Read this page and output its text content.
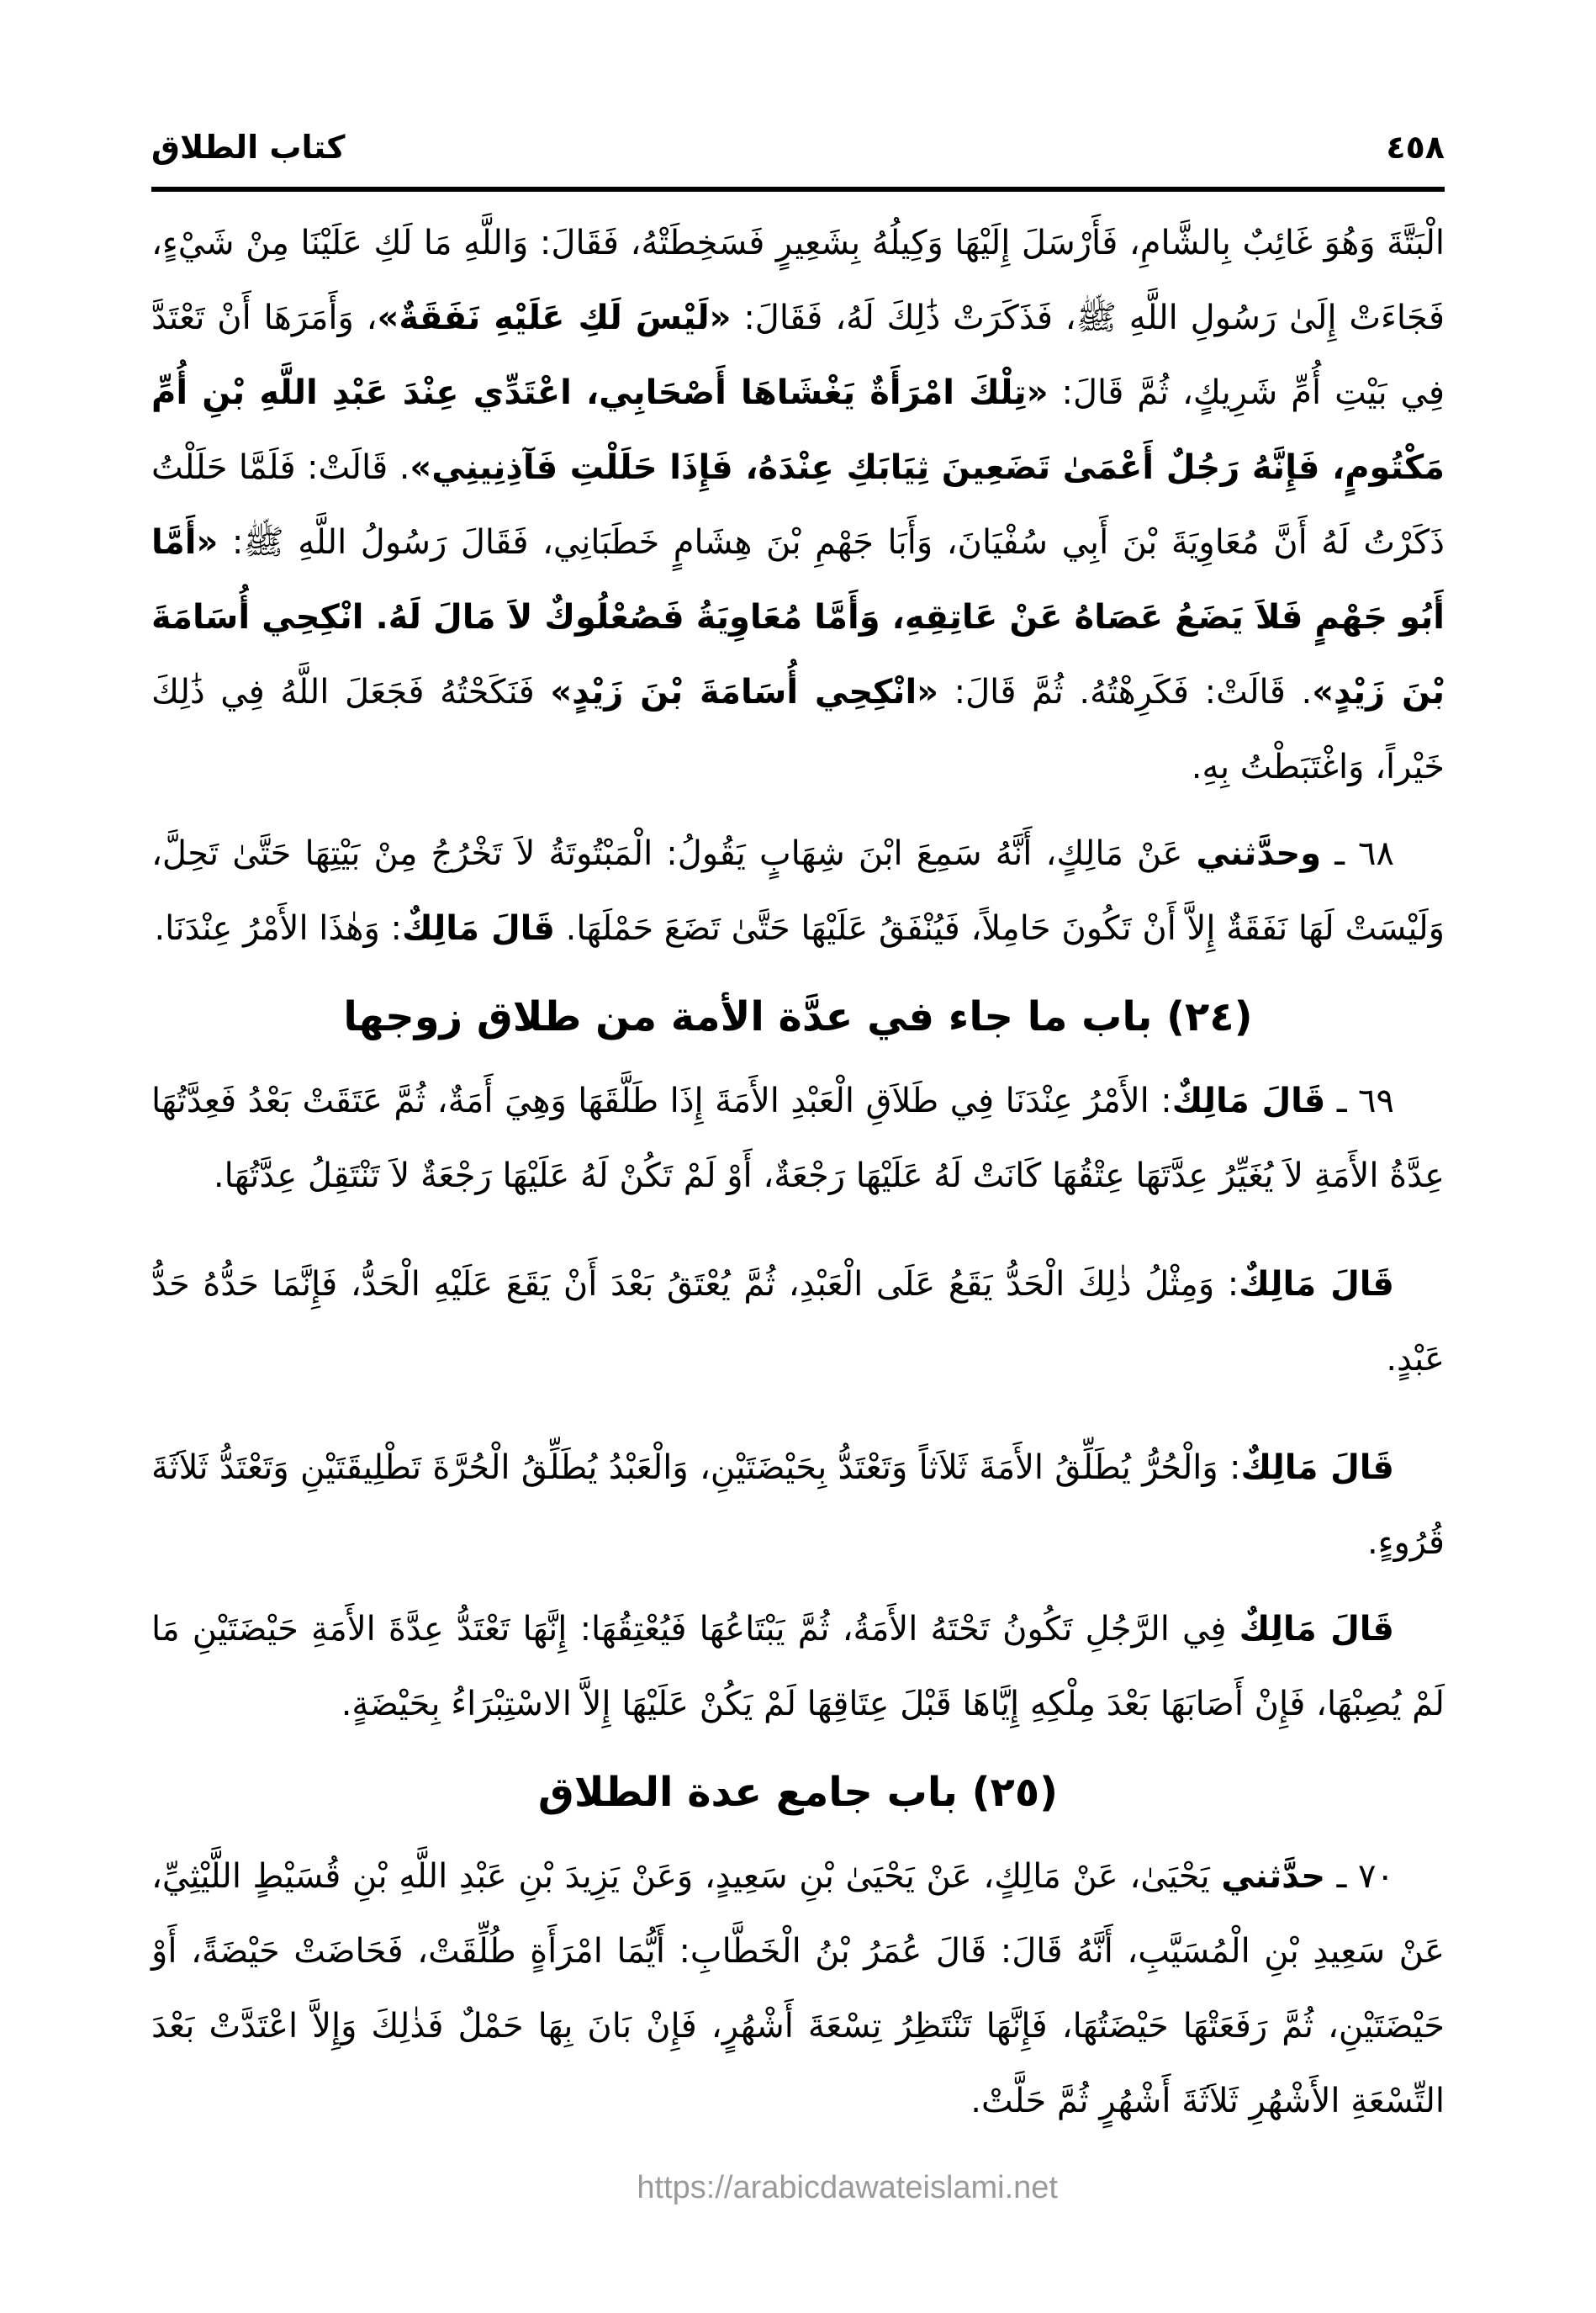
٤٥٨
كتاب الطلاق

الْبَتَّةَ وَهُوَ غَائِبٌ بِالشَّامِ، فَأَرْسَلَ إِلَيْهَا وَكِيلُهُ بِشَعِيرٍ فَسَخِطَتْهُ، فَقَالَ: وَاللَّهِ مَا لَكِ عَلَيْنَا مِنْ شَيْءٍ، فَجَاءَتْ إِلَىٰ رَسُولِ اللَّهِ ﷺ، فَذَكَرَتْ ذَٰلِكَ لَهُ، فَقَالَ: «لَيْسَ لَكِ عَلَيْهِ نَفَقَةٌ»، وَأَمَرَهَا أَنْ تَعْتَدَّ فِي بَيْتِ أُمِّ شَرِيكٍ، ثُمَّ قَالَ: «تِلْكَ امْرَأَةٌ يَغْشَاهَا أَصْحَابِي، اعْتَدِّي عِنْدَ عَبْدِ اللَّهِ بْنِ أُمِّ مَكْتُومٍ، فَإِنَّهُ رَجُلٌ أَعْمَىٰ تَضَعِينَ ثِيَابَكِ عِنْدَهُ، فَإِذَا حَلَلْتِ فَآذِنِينِي». قَالَتْ: فَلَمَّا حَلَلْتُ ذَكَرْتُ لَهُ أَنَّ مُعَاوِيَةَ بْنَ أَبِي سُفْيَانَ، وَأَبَا جَهْمِ بْنَ هِشَامٍ خَطَبَانِي، فَقَالَ رَسُولُ اللَّهِ ﷺ: «أَمَّا أَبُو جَهْمٍ فَلاَ يَضَعُ عَصَاهُ عَنْ عَاتِقِهِ، وَأَمَّا مُعَاوِيَةُ فَصُعْلُوكٌ لاَ مَالَ لَهُ. انْكِحِي أُسَامَةَ بْنَ زَيْدٍ». قَالَتْ: فَكَرِهْتُهُ. ثُمَّ قَالَ: «انْكِحِي أُسَامَةَ بْنَ زَيْدٍ» فَنَكَحْتُهُ فَجَعَلَ اللَّهُ فِي ذَٰلِكَ خَيْراً، وَاغْتَبَطْتُ بِهِ.

٦٨ ـ وحدَّثني عَنْ مَالِكٍ، أَنَّهُ سَمِعَ ابْنَ شِهَابٍ يَقُولُ: الْمَبْتُوتَةُ لاَ تَخْرُجُ مِنْ بَيْتِهَا حَتَّىٰ تَحِلَّ، وَلَيْسَتْ لَهَا نَفَقَةٌ إِلاَّ أَنْ تَكُونَ حَامِلاً، فَيُنْفَقُ عَلَيْهَا حَتَّىٰ تَضَعَ حَمْلَهَا. قَالَ مَالِكٌ: وَهٰذَا الأَمْرُ عِنْدَنَا.

(٢٤) باب ما جاء في عدَّة الأمة من طلاق زوجها

٦٩ ـ قَالَ مَالِكٌ: الأَمْرُ عِنْدَنَا فِي طَلاَقِ الْعَبْدِ الأَمَةَ إِذَا طَلَّقَهَا وَهِيَ أَمَةٌ، ثُمَّ عَتَقَتْ بَعْدُ فَعِدَّتُهَا عِدَّةُ الأَمَةِ لاَ يُغَيِّرُ عِدَّتَهَا عِتْقُهَا كَانَتْ لَهُ عَلَيْهَا رَجْعَةٌ، أَوْ لَمْ تَكُنْ لَهُ عَلَيْهَا رَجْعَةٌ لاَ تَنْتَقِلُ عِدَّتُهَا.

قَالَ مَالِكٌ: وَمِثْلُ ذٰلِكَ الْحَدُّ يَقَعُ عَلَى الْعَبْدِ، ثُمَّ يُعْتَقُ بَعْدَ أَنْ يَقَعَ عَلَيْهِ الْحَدُّ، فَإِنَّمَا حَدُّهُ حَدُّ عَبْدٍ.

قَالَ مَالِكٌ: وَالْحُرُّ يُطَلِّقُ الأَمَةَ ثَلاَثاً وَتَعْتَدُّ بِحَيْضَتَيْنِ، وَالْعَبْدُ يُطَلِّقُ الْحُرَّةَ تَطْلِيقَتَيْنِ وَتَعْتَدُّ ثَلاَثَةَ قُرُوءٍ.

قَالَ مَالِكٌ فِي الرَّجُلِ تَكُونُ تَحْتَهُ الأَمَةُ، ثُمَّ يَبْتَاعُهَا فَيُعْتِقُهَا: إِنَّهَا تَعْتَدُّ عِدَّةَ الأَمَةِ حَيْضَتَيْنِ مَا لَمْ يُصِبْهَا، فَإِنْ أَصَابَهَا بَعْدَ مِلْكِهِ إِيَّاهَا قَبْلَ عِتَاقِهَا لَمْ يَكُنْ عَلَيْهَا إِلاَّ الاسْتِبْرَاءُ بِحَيْضَةٍ.

(٢٥) باب جامع عدة الطلاق

٧٠ ـ حدَّثني يَحْيَىٰ، عَنْ مَالِكٍ، عَنْ يَحْيَىٰ بْنِ سَعِيدٍ، وَعَنْ يَزِيدَ بْنِ عَبْدِ اللَّهِ بْنِ قُسَيْطٍ اللَّيْثِيِّ، عَنْ سَعِيدِ بْنِ الْمُسَيَّبِ، أَنَّهُ قَالَ: قَالَ عُمَرُ بْنُ الْخَطَّابِ: أَيُّمَا امْرَأَةٍ طُلِّقَتْ، فَحَاضَتْ حَيْضَةً، أَوْ حَيْضَتَيْنِ، ثُمَّ رَفَعَتْهَا حَيْضَتُهَا، فَإِنَّهَا تَنْتَظِرُ تِسْعَةَ أَشْهُرٍ، فَإِنْ بَانَ بِهَا حَمْلٌ فَذٰلِكَ وَإِلاَّ اعْتَدَّتْ بَعْدَ التِّسْعَةِ الأَشْهُرِ ثَلاَثَةَ أَشْهُرٍ ثُمَّ حَلَّتْ.

https://arabicdawateislami.net
